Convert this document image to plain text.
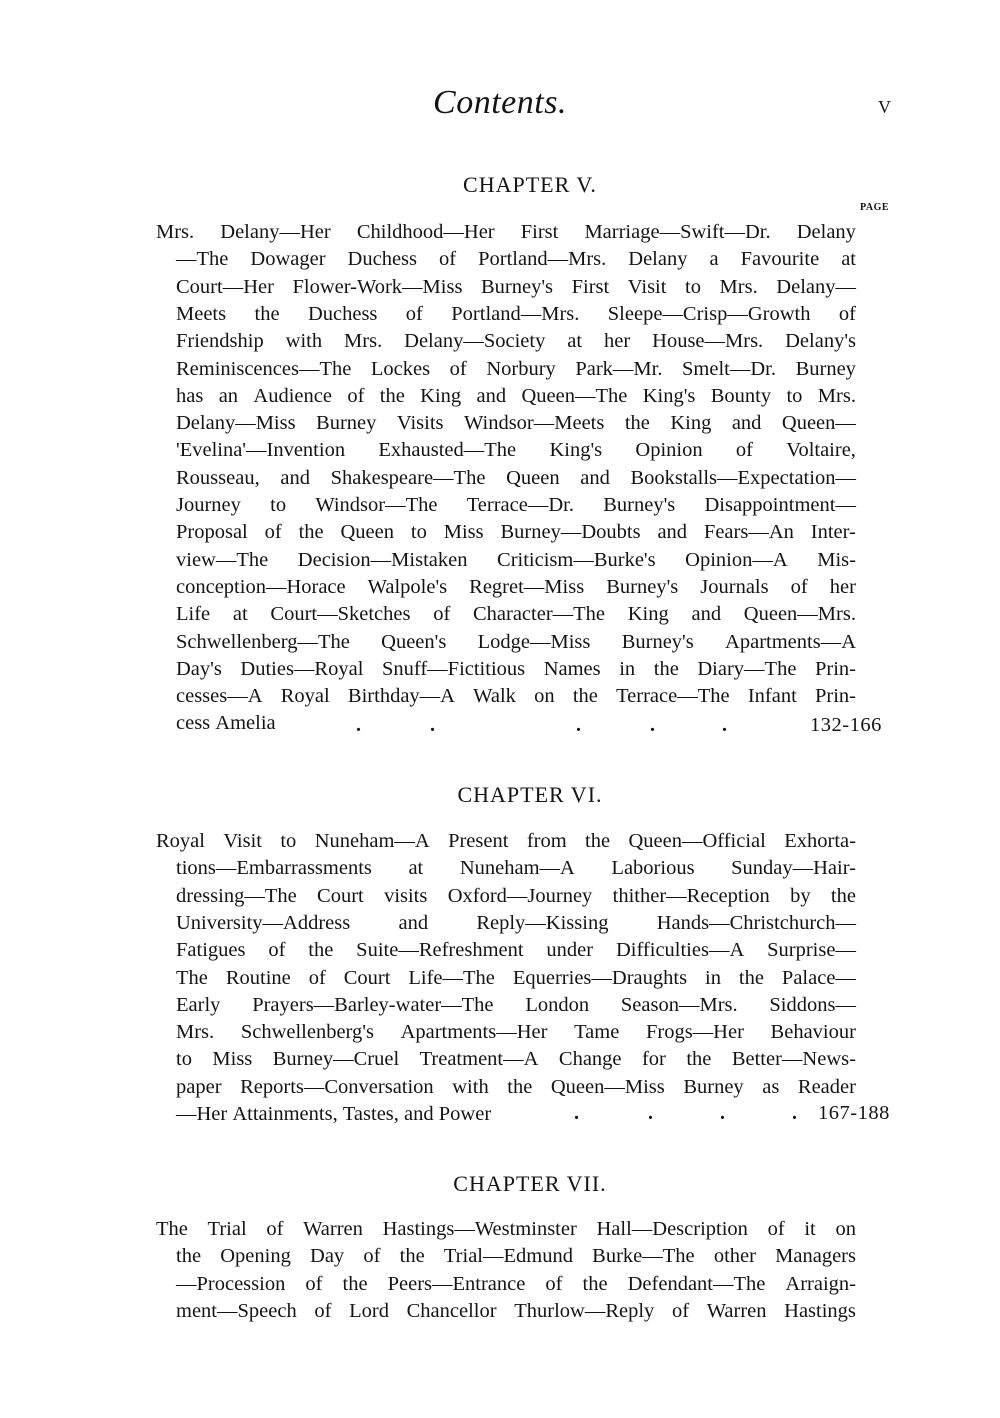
Contents.	v
CHAPTER V.
PAGE
Mrs. Delany—Her Childhood—Her First Marriage—Swift—Dr. Delany
—The Dowager Duchess of Portland—Mrs. Delany a Favourite at
Court—Her Flower-Work—Miss Burney's First Visit to Mrs. Delany—
Meets the Duchess of Portland—Mrs. Sleepe—Crisp—Growth of
Friendship with Mrs. Delany—Society at her House—Mrs. Delany's
Reminiscences—The Lockes of Norbury Park—Mr. Smelt—Dr. Burney
has an Audience of the King and Queen—The King's Bounty to Mrs.
Delany—Miss Burney Visits Windsor—Meets the King and Queen—
'Evelina'—Invention Exhausted—The King's Opinion of Voltaire,
Rousseau, and Shakespeare—The Queen and Bookstalls—Expectation—
Journey to Windsor—The Terrace—Dr. Burney's Disappointment—
Proposal of the Queen to Miss Burney—Doubts and Fears—An Inter-
view—The Decision—Mistaken Criticism—Burke's Opinion—A Mis-
conception—Horace Walpole's Regret—Miss Burney's Journals of her
Life at Court—Sketches of Character—The King and Queen—Mrs.
Schwellenberg—The Queen's Lodge—Miss Burney's Apartments—A
Day's Duties—Royal Snuff—Fictitious Names in the Diary—The Prin-
cesses—A Royal Birthday—A Walk on the Terrace—The Infant Prin-
cess Amelia	.	.	.	.	.	132-166
CHAPTER VI.
Royal Visit to Nuneham—A Present from the Queen—Official Exhorta-
tions—Embarrassments at Nuneham—A Laborious Sunday—Hair-
dressing—The Court visits Oxford—Journey thither—Reception by the
University—Address and Reply—Kissing Hands—Christchurch—
Fatigues of the Suite—Refreshment under Difficulties—A Surprise—
The Routine of Court Life—The Equerries—Draughts in the Palace—
Early Prayers—Barley-water—The London Season—Mrs. Siddons—
Mrs. Schwellenberg's Apartments—Her Tame Frogs—Her Behaviour
to Miss Burney—Cruel Treatment—A Change for the Better—News-
paper Reports—Conversation with the Queen—Miss Burney as Reader
—Her Attainments, Tastes, and Power	.	.	.	. 167-188
CHAPTER VII.
The Trial of Warren Hastings—Westminster Hall—Description of it on
the Opening Day of the Trial—Edmund Burke—The other Managers
—Procession of the Peers—Entrance of the Defendant—The Arraign-
ment—Speech of Lord Chancellor Thurlow—Reply of Warren Hastings
